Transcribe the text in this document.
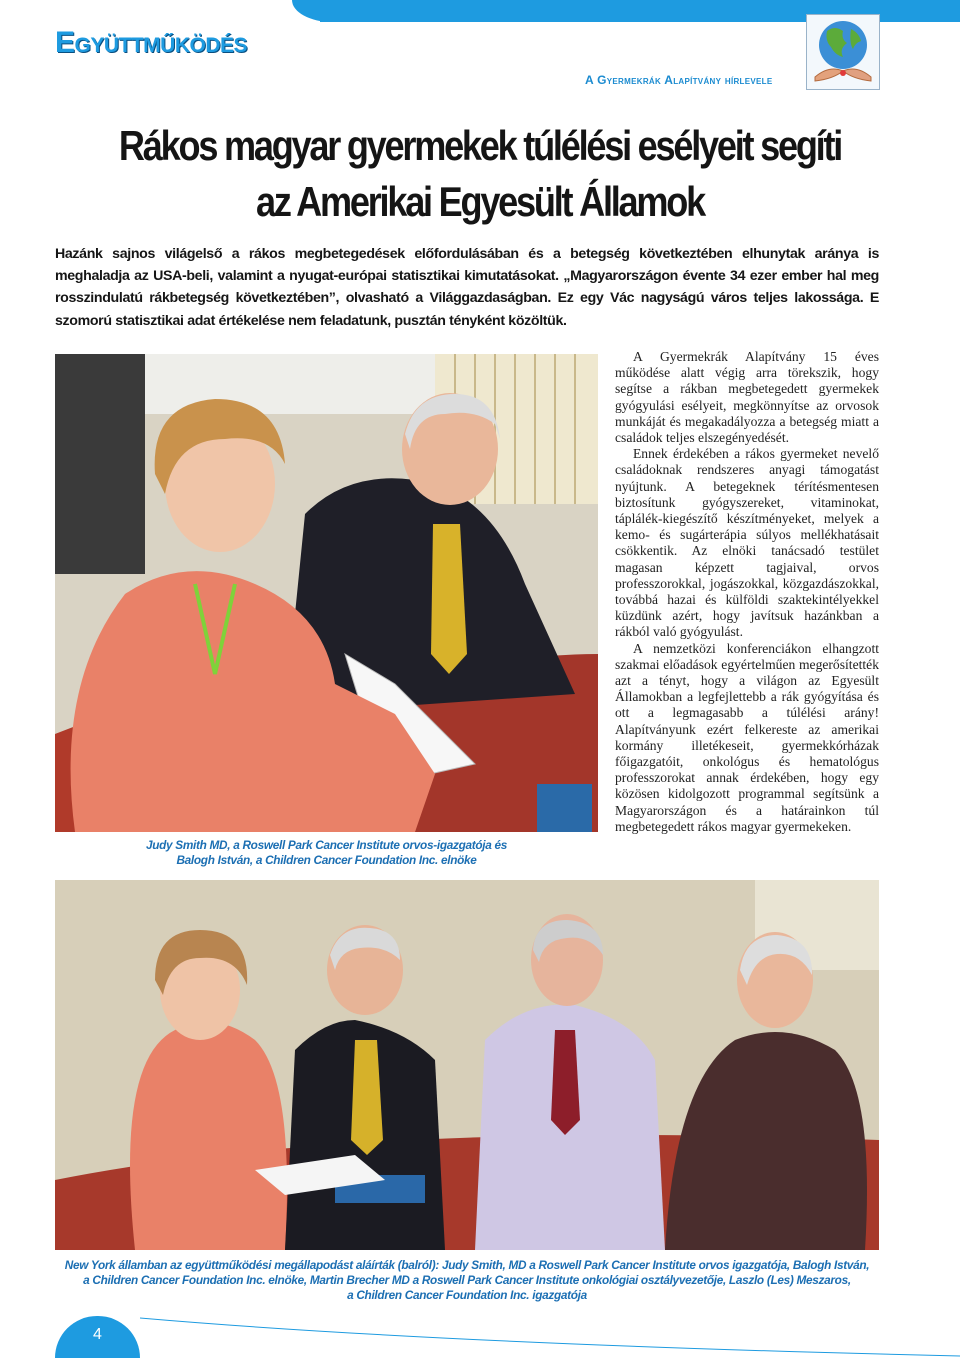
Együttműködés
A Gyermekrák Alapítvány hírlevele
Rákos magyar gyermekek túlélési esélyeit segíti
az Amerikai Egyesült Államok
Hazánk sajnos világelső a rákos megbetegedések előfordulásában és a betegség következtében elhunytak aránya is meghaladja az USA-beli, valamint a nyugat-európai statisztikai kimutatásokat. „Magyarországon évente 34 ezer ember hal meg rosszindulatú rákbetegség következtében”, olvasható a Világgazdaságban. Ez egy Vác nagyságú város teljes lakossága. E szomorú statisztikai adat értékelése nem feladatunk, pusztán tényként közöltük.
Judy Smith MD, a Roswell Park Cancer Institute orvos-igazgatója és
Balogh István, a Children Cancer Foundation Inc. elnöke

A Gyermekrák Alapítvány 15 éves működése alatt végig arra törekszik, hogy segítse a rákban megbetegedett gyermekek gyógyulási esélyeit, megkönnyítse az orvosok munkáját és megakadályozza a betegség miatt a családok teljes elszegényedését.

Ennek érdekében a rákos gyermeket nevelő családoknak rendszeres anyagi támogatást nyújtunk. A betegeknek térítésmentesen biztosítunk gyógyszereket, vitaminokat, táplálék-kiegészítő készítményeket, melyek a kemo- és sugárterápia súlyos mellékhatásait csökkentik. Az elnöki tanácsadó testület magasan képzett tagjaival, orvos professzorokkal, jogászokkal, közgazdászokkal, továbbá hazai és külföldi szaktekintélyekkel küzdünk azért, hogy javítsuk hazánkban a rákból való gyógyulást.

A nemzetközi konferenciákon elhangzott szakmai előadások egyértelműen megerősítették azt a tényt, hogy a világon az Egyesült Államokban a legfejlettebb a rák gyógyítása és ott a legmagasabb a túlélési arány! Alapítványunk ezért felkereste az amerikai kormány illetékeseit, gyermekkórházak főigazgatóit, onkológus és hematológus professzorokat annak érdekében, hogy egy közösen kidolgozott programmal segítsünk a Magyarországon és a határainkon túl megbetegedett rákos magyar gyermekeken.

New York államban az együttműködési megállapodást aláírták (balról): Judy Smith, MD a Roswell Park Cancer Institute orvos igazgatója, Balogh István,
a Children Cancer Foundation Inc. elnöke, Martin Brecher MD a Roswell Park Cancer Institute onkológiai osztályvezetője, Laszlo (Les) Meszaros,
a Children Cancer Foundation Inc. igazgatója
4
